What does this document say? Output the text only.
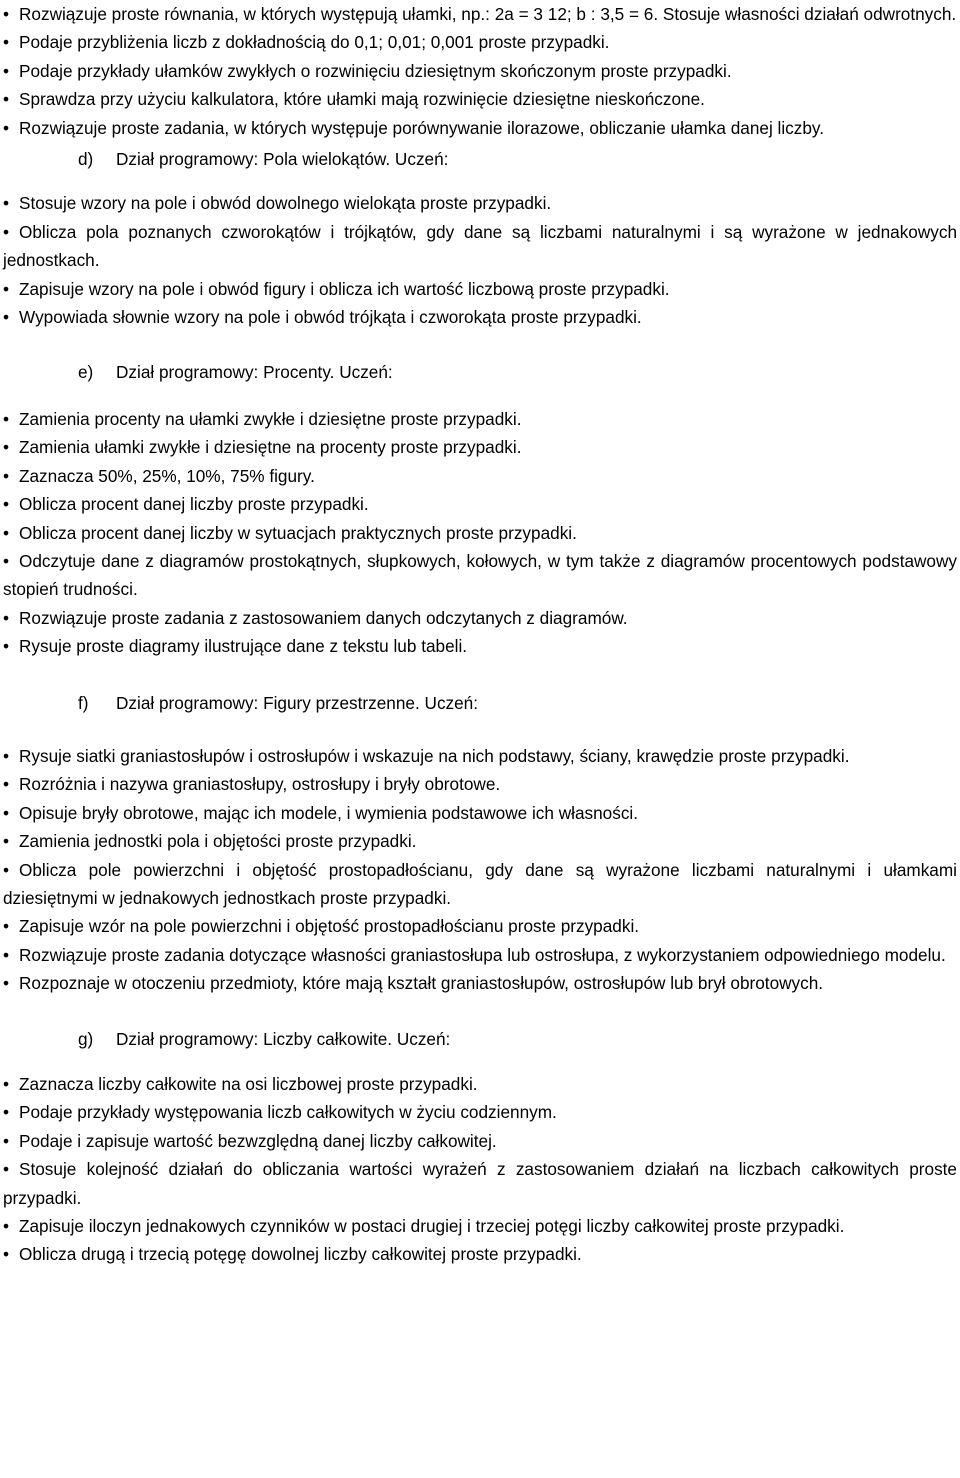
• Rozwiązuje proste równania, w których występują ułamki, np.: 2a = 3 12; b : 3,5 = 6. Stosuje własności działań odwrotnych.
• Podaje przybliżenia liczb z dokładnością do 0,1; 0,01; 0,001 proste przypadki.
• Podaje przykłady ułamków zwykłych o rozwinięciu dziesiętnym skończonym proste przypadki.
• Sprawdza przy użyciu kalkulatora, które ułamki mają rozwinięcie dziesiętne nieskończone.
• Rozwiązuje proste zadania, w których występuje porównywanie ilorazowe, obliczanie ułamka danej liczby.
d) Dział programowy: Pola wielokątów. Uczeń:
• Stosuje wzory na pole i obwód dowolnego wielokąta proste przypadki.
• Oblicza pola poznanych czworokątów i trójkątów, gdy dane są liczbami naturalnymi i są wyrażone w jednakowych jednostkach.
• Zapisuje wzory na pole i obwód figury i oblicza ich wartość liczbową proste przypadki.
• Wypowiada słownie wzory na pole i obwód trójkąta i czworokąta proste przypadki.
e) Dział programowy: Procenty. Uczeń:
• Zamienia procenty na ułamki zwykłe i dziesiętne proste przypadki.
• Zamienia ułamki zwykłe i dziesiętne na procenty proste przypadki.
• Zaznacza 50%, 25%, 10%, 75% figury.
• Oblicza procent danej liczby proste przypadki.
• Oblicza procent danej liczby w sytuacjach praktycznych proste przypadki.
• Odczytuje dane z diagramów prostokątnych, słupkowych, kołowych, w tym także z diagramów procentowych podstawowy stopień trudności.
• Rozwiązuje proste zadania z zastosowaniem danych odczytanych z diagramów.
• Rysuje proste diagramy ilustrujące dane z tekstu lub tabeli.
f) Dział programowy: Figury przestrzenne. Uczeń:
• Rysuje siatki graniastosłupów i ostrosłupów i wskazuje na nich podstawy, ściany, krawędzie proste przypadki.
• Rozróżnia i nazywa graniastosłupy, ostrosłupy i bryły obrotowe.
• Opisuje bryły obrotowe, mając ich modele, i wymienia podstawowe ich własności.
• Zamienia jednostki pola i objętości proste przypadki.
• Oblicza pole powierzchni i objętość prostopadłościanu, gdy dane są wyrażone liczbami naturalnymi i ułamkami dziesiętnymi w jednakowych jednostkach proste przypadki.
• Zapisuje wzór na pole powierzchni i objętość prostopadłościanu proste przypadki.
• Rozwiązuje proste zadania dotyczące własności graniastosłupa lub ostrosłupa, z wykorzystaniem odpowiedniego modelu.
• Rozpoznaje w otoczeniu przedmioty, które mają kształt graniastosłupów, ostrosłupów lub brył obrotowych.
g) Dział programowy: Liczby całkowite. Uczeń:
• Zaznacza liczby całkowite na osi liczbowej proste przypadki.
• Podaje przykłady występowania liczb całkowitych w życiu codziennym.
• Podaje i zapisuje wartość bezwzględną danej liczby całkowitej.
• Stosuje kolejność działań do obliczania wartości wyrażeń z zastosowaniem działań na liczbach całkowitych proste przypadki.
• Zapisuje iloczyn jednakowych czynników w postaci drugiej i trzeciej potęgi liczby całkowitej proste przypadki.
• Oblicza drugą i trzecią potęgę dowolnej liczby całkowitej proste przypadki.
